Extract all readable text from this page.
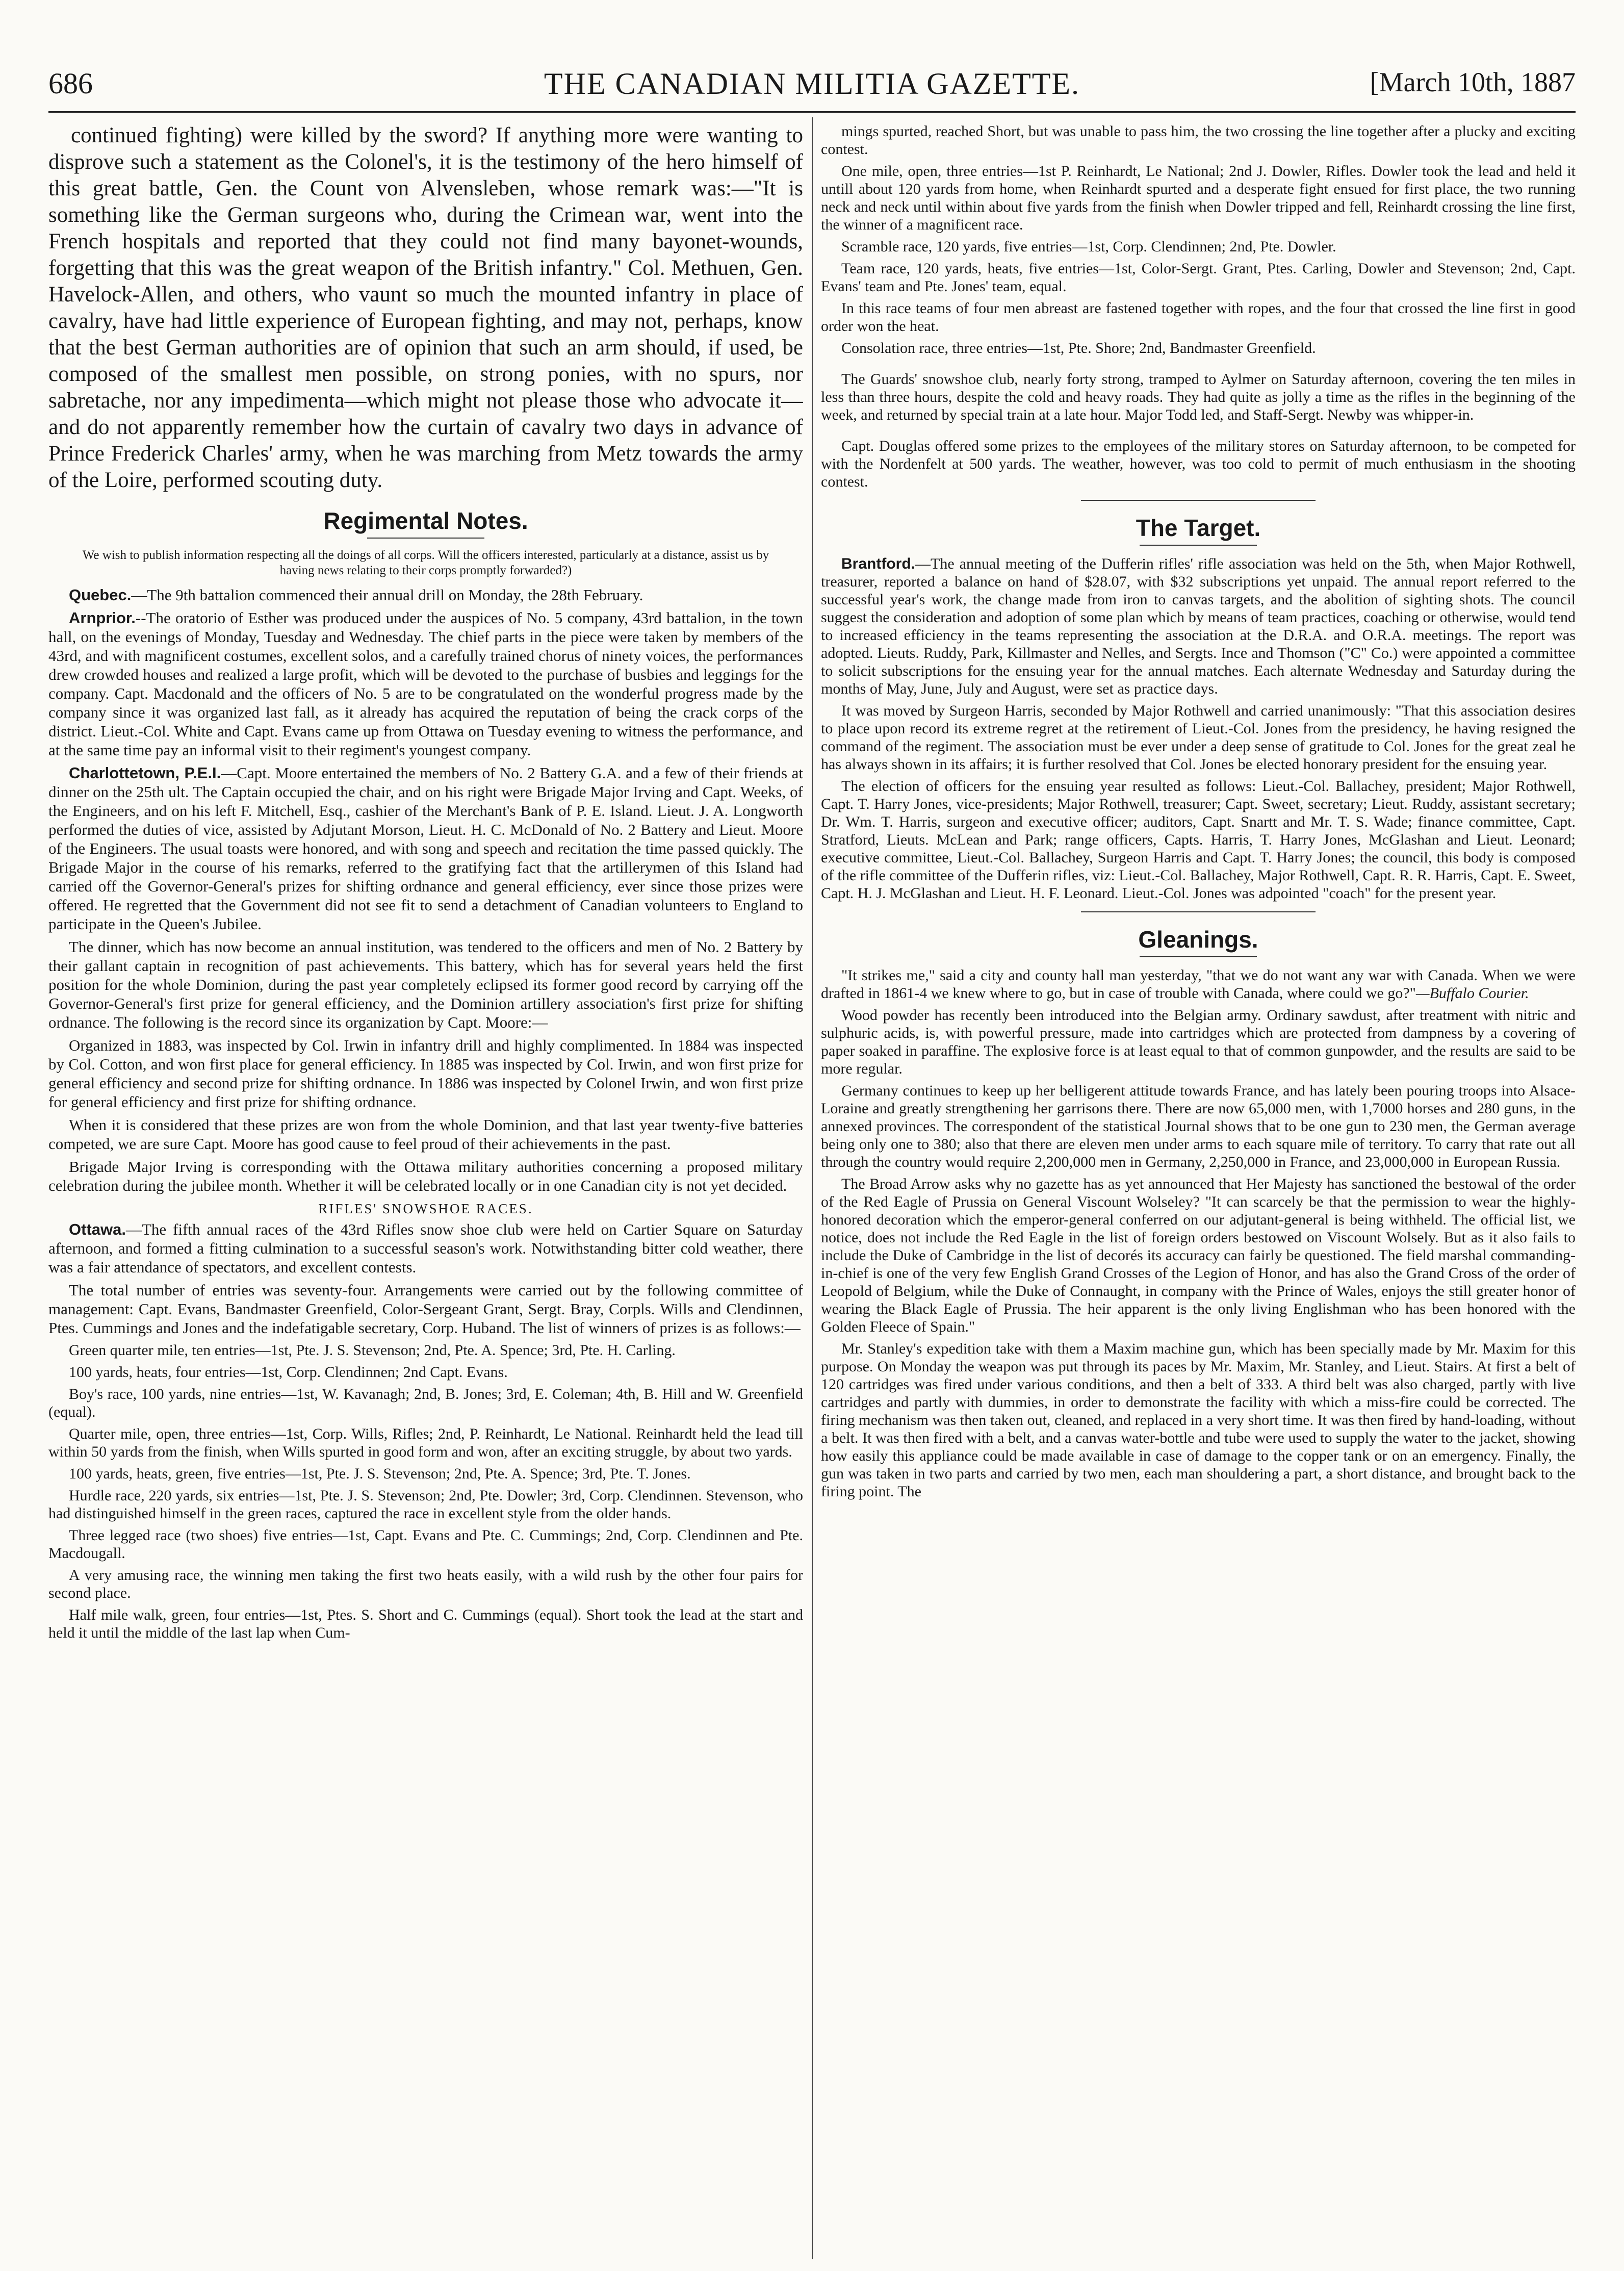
686	THE CANADIAN MILITIA GAZETTE.	[March 10th, 1887

continued fighting) were killed by the sword? If anything more were wanting to disprove such a statement as the Colonel's, it is the testimony of the hero himself of this great battle, Gen. the Count von Alvensleben, whose remark was:—"It is something like the German surgeons who, during the Crimean war, went into the French hospitals and reported that they could not find many bayonet-wounds, forgetting that this was the great weapon of the British infantry." Col. Methuen, Gen. Havelock-Allen, and others, who vaunt so much the mounted infantry in place of cavalry, have had little experience of European fighting, and may not, perhaps, know that the best German authorities are of opinion that such an arm should, if used, be composed of the smallest men possible, on strong ponies, with no spurs, nor sabretache, nor any impedimenta—which might not please those who advocate it—and do not apparently remember how the curtain of cavalry two days in advance of Prince Frederick Charles' army, when he was marching from Metz towards the army of the Loire, performed scouting duty.

Regimental Notes.

We wish to publish information respecting all the doings of all corps. Will the officers interested, particularly at a distance, assist us by having news relating to their corps promptly forwarded?)

Quebec.—The 9th battalion commenced their annual drill on Monday, the 28th February.

Arnprior.--The oratorio of Esther was produced under the auspices of No. 5 company, 43rd battalion, in the town hall, on the evenings of Monday, Tuesday and Wednesday. The chief parts in the piece were taken by members of the 43rd, and with magnificent costumes, excellent solos, and a carefully trained chorus of ninety voices, the performances drew crowded houses and realized a large profit, which will be devoted to the purchase of busbies and leggings for the company. Capt. Macdonald and the officers of No. 5 are to be congratulated on the wonderful progress made by the company since it was organized last fall, as it already has acquired the reputation of being the crack corps of the district. Lieut.-Col. White and Capt. Evans came up from Ottawa on Tuesday evening to witness the performance, and at the same time pay an informal visit to their regiment's youngest company.

Charlottetown, P.E.I.—Capt. Moore entertained the members of No. 2 Battery G.A. and a few of their friends at dinner on the 25th ult. The Captain occupied the chair, and on his right were Brigade Major Irving and Capt. Weeks, of the Engineers, and on his left F. Mitchell, Esq., cashier of the Merchant's Bank of P. E. Island. Lieut. J. A. Longworth performed the duties of vice, assisted by Adjutant Morson, Lieut. H. C. McDonald of No. 2 Battery and Lieut. Moore of the Engineers. The usual toasts were honored, and with song and speech and recitation the time passed quickly. The Brigade Major in the course of his remarks, referred to the gratifying fact that the artillerymen of this Island had carried off the Governor-General's prizes for shifting ordnance and general efficiency, ever since those prizes were offered. He regretted that the Government did not see fit to send a detachment of Canadian volunteers to England to participate in the Queen's Jubilee.

The dinner, which has now become an annual institution, was tendered to the officers and men of No. 2 Battery by their gallant captain in recognition of past achievements. This battery, which has for several years held the first position for the whole Dominion, during the past year completely eclipsed its former good record by carrying off the Governor-General's first prize for general efficiency, and the Dominion artillery association's first prize for shifting ordnance. The following is the record since its organization by Capt. Moore:—

Organized in 1883, was inspected by Col. Irwin in infantry drill and highly complimented. In 1884 was inspected by Col. Cotton, and won first place for general efficiency. In 1885 was inspected by Col. Irwin, and won first prize for general efficiency and second prize for shifting ordnance. In 1886 was inspected by Colonel Irwin, and won first prize for general efficiency and first prize for shifting ordnance.

When it is considered that these prizes are won from the whole Dominion, and that last year twenty-five batteries competed, we are sure Capt. Moore has good cause to feel proud of their achievements in the past.

Brigade Major Irving is corresponding with the Ottawa military authorities concerning a proposed military celebration during the jubilee month. Whether it will be celebrated locally or in one Canadian city is not yet decided.

RIFLES' SNOWSHOE RACES.

Ottawa.—The fifth annual races of the 43rd Rifles snow shoe club were held on Cartier Square on Saturday afternoon, and formed a fitting culmination to a successful season's work. Notwithstanding bitter cold weather, there was a fair attendance of spectators, and excellent contests.

The total number of entries was seventy-four. Arrangements were carried out by the following committee of management: Capt. Evans, Bandmaster Greenfield, Color-Sergeant Grant, Sergt. Bray, Corpls. Wills and Clendinnen, Ptes. Cummings and Jones and the indefatigable secretary, Corp. Huband. The list of winners of prizes is as follows:—

Green quarter mile, ten entries—1st, Pte. J. S. Stevenson; 2nd, Pte. A. Spence; 3rd, Pte. H. Carling.

100 yards, heats, four entries—1st, Corp. Clendinnen; 2nd Capt. Evans.

Boy's race, 100 yards, nine entries—1st, W. Kavanagh; 2nd, B. Jones; 3rd, E. Coleman; 4th, B. Hill and W. Greenfield (equal).

Quarter mile, open, three entries—1st, Corp. Wills, Rifles; 2nd, P. Reinhardt, Le National. Reinhardt held the lead till within 50 yards from the finish, when Wills spurted in good form and won, after an exciting struggle, by about two yards.

100 yards, heats, green, five entries—1st, Pte. J. S. Stevenson; 2nd, Pte. A. Spence; 3rd, Pte. T. Jones.

Hurdle race, 220 yards, six entries—1st, Pte. J. S. Stevenson; 2nd, Pte. Dowler; 3rd, Corp. Clendinnen. Stevenson, who had distinguished himself in the green races, captured the race in excellent style from the older hands.

Three legged race (two shoes) five entries—1st, Capt. Evans and Pte. C. Cummings; 2nd, Corp. Clendinnen and Pte. Macdougall.

A very amusing race, the winning men taking the first two heats easily, with a wild rush by the other four pairs for second place.

Half mile walk, green, four entries—1st, Ptes. S. Short and C. Cummings (equal). Short took the lead at the start and held it until the middle of the last lap when Cum-

mings spurted, reached Short, but was unable to pass him, the two crossing the line together after a plucky and exciting contest.

One mile, open, three entries—1st P. Reinhardt, Le National; 2nd J. Dowler, Rifles. Dowler took the lead and held it untill about 120 yards from home, when Reinhardt spurted and a desperate fight ensued for first place, the two running neck and neck until within about five yards from the finish when Dowler tripped and fell, Reinhardt crossing the line first, the winner of a magnificent race.

Scramble race, 120 yards, five entries—1st, Corp. Clendinnen; 2nd, Pte. Dowler.

Team race, 120 yards, heats, five entries—1st, Color-Sergt. Grant, Ptes. Carling, Dowler and Stevenson; 2nd, Capt. Evans' team and Pte. Jones' team, equal.

In this race teams of four men abreast are fastened together with ropes, and the four that crossed the line first in good order won the heat.

Consolation race, three entries—1st, Pte. Shore; 2nd, Bandmaster Greenfield.

The Guards' snowshoe club, nearly forty strong, tramped to Aylmer on Saturday afternoon, covering the ten miles in less than three hours, despite the cold and heavy roads. They had quite as jolly a time as the rifles in the beginning of the week, and returned by special train at a late hour. Major Todd led, and Staff-Sergt. Newby was whipper-in.

Capt. Douglas offered some prizes to the employees of the military stores on Saturday afternoon, to be competed for with the Nordenfelt at 500 yards. The weather, however, was too cold to permit of much enthusiasm in the shooting contest.

The Target.

Brantford.—The annual meeting of the Dufferin rifles' rifle association was held on the 5th, when Major Rothwell, treasurer, reported a balance on hand of $28.07, with $32 subscriptions yet unpaid. The annual report referred to the successful year's work, the change made from iron to canvas targets, and the abolition of sighting shots. The council suggest the consideration and adoption of some plan which by means of team practices, coaching or otherwise, would tend to increased efficiency in the teams representing the association at the D.R.A. and O.R.A. meetings. The report was adopted. Lieuts. Ruddy, Park, Killmaster and Nelles, and Sergts. Ince and Thomson ("C" Co.) were appointed a committee to solicit subscriptions for the ensuing year for the annual matches. Each alternate Wednesday and Saturday during the months of May, June, July and August, were set as practice days.

It was moved by Surgeon Harris, seconded by Major Rothwell and carried unanimously: "That this association desires to place upon record its extreme regret at the retirement of Lieut.-Col. Jones from the presidency, he having resigned the command of the regiment. The association must be ever under a deep sense of gratitude to Col. Jones for the great zeal he has always shown in its affairs; it is further resolved that Col. Jones be elected honorary president for the ensuing year.

The election of officers for the ensuing year resulted as follows: Lieut.-Col. Ballachey, president; Major Rothwell, Capt. T. Harry Jones, vice-presidents; Major Rothwell, treasurer; Capt. Sweet, secretary; Lieut. Ruddy, assistant secretary; Dr. Wm. T. Harris, surgeon and executive officer; auditors, Capt. Snartt and Mr. T. S. Wade; finance committee, Capt. Stratford, Lieuts. McLean and Park; range officers, Capts. Harris, T. Harry Jones, McGlashan and Lieut. Leonard; executive committee, Lieut.-Col. Ballachey, Surgeon Harris and Capt. T. Harry Jones; the council, this body is composed of the rifle committee of the Dufferin rifles, viz: Lieut.-Col. Ballachey, Major Rothwell, Capt. R. R. Harris, Capt. E. Sweet, Capt. H. J. McGlashan and Lieut. H. F. Leonard. Lieut.-Col. Jones was adpointed "coach" for the present year.

Gleanings.

"It strikes me," said a city and county hall man yesterday, "that we do not want any war with Canada. When we were drafted in 1861-4 we knew where to go, but in case of trouble with Canada, where could we go?"—Buffalo Courier.

Wood powder has recently been introduced into the Belgian army. Ordinary sawdust, after treatment with nitric and sulphuric acids, is, with powerful pressure, made into cartridges which are protected from dampness by a covering of paper soaked in paraffine. The explosive force is at least equal to that of common gunpowder, and the results are said to be more regular.

Germany continues to keep up her belligerent attitude towards France, and has lately been pouring troops into Alsace-Loraine and greatly strengthening her garrisons there. There are now 65,000 men, with 1,7000 horses and 280 guns, in the annexed provinces. The correspondent of the statistical Journal shows that to be one gun to 230 men, the German average being only one to 380; also that there are eleven men under arms to each square mile of territory. To carry that rate out all through the country would require 2,200,000 men in Germany, 2,250,000 in France, and 23,000,000 in European Russia.

The Broad Arrow asks why no gazette has as yet announced that Her Majesty has sanctioned the bestowal of the order of the Red Eagle of Prussia on General Viscount Wolseley? "It can scarcely be that the permission to wear the highly-honored decoration which the emperor-general conferred on our adjutant-general is being withheld. The official list, we notice, does not include the Red Eagle in the list of foreign orders bestowed on Viscount Wolsely. But as it also fails to include the Duke of Cambridge in the list of decorés its accuracy can fairly be questioned. The field marshal commanding-in-chief is one of the very few English Grand Crosses of the Legion of Honor, and has also the Grand Cross of the order of Leopold of Belgium, while the Duke of Connaught, in company with the Prince of Wales, enjoys the still greater honor of wearing the Black Eagle of Prussia. The heir apparent is the only living Englishman who has been honored with the Golden Fleece of Spain."

Mr. Stanley's expedition take with them a Maxim machine gun, which has been specially made by Mr. Maxim for this purpose. On Monday the weapon was put through its paces by Mr. Maxim, Mr. Stanley, and Lieut. Stairs. At first a belt of 120 cartridges was fired under various conditions, and then a belt of 333. A third belt was also charged, partly with live cartridges and partly with dummies, in order to demonstrate the facility with which a miss-fire could be corrected. The firing mechanism was then taken out, cleaned, and replaced in a very short time. It was then fired by hand-loading, without a belt. It was then fired with a belt, and a canvas water-bottle and tube were used to supply the water to the jacket, showing how easily this appliance could be made available in case of damage to the copper tank or on an emergency. Finally, the gun was taken in two parts and carried by two men, each man shouldering a part, a short distance, and brought back to the firing point. The
